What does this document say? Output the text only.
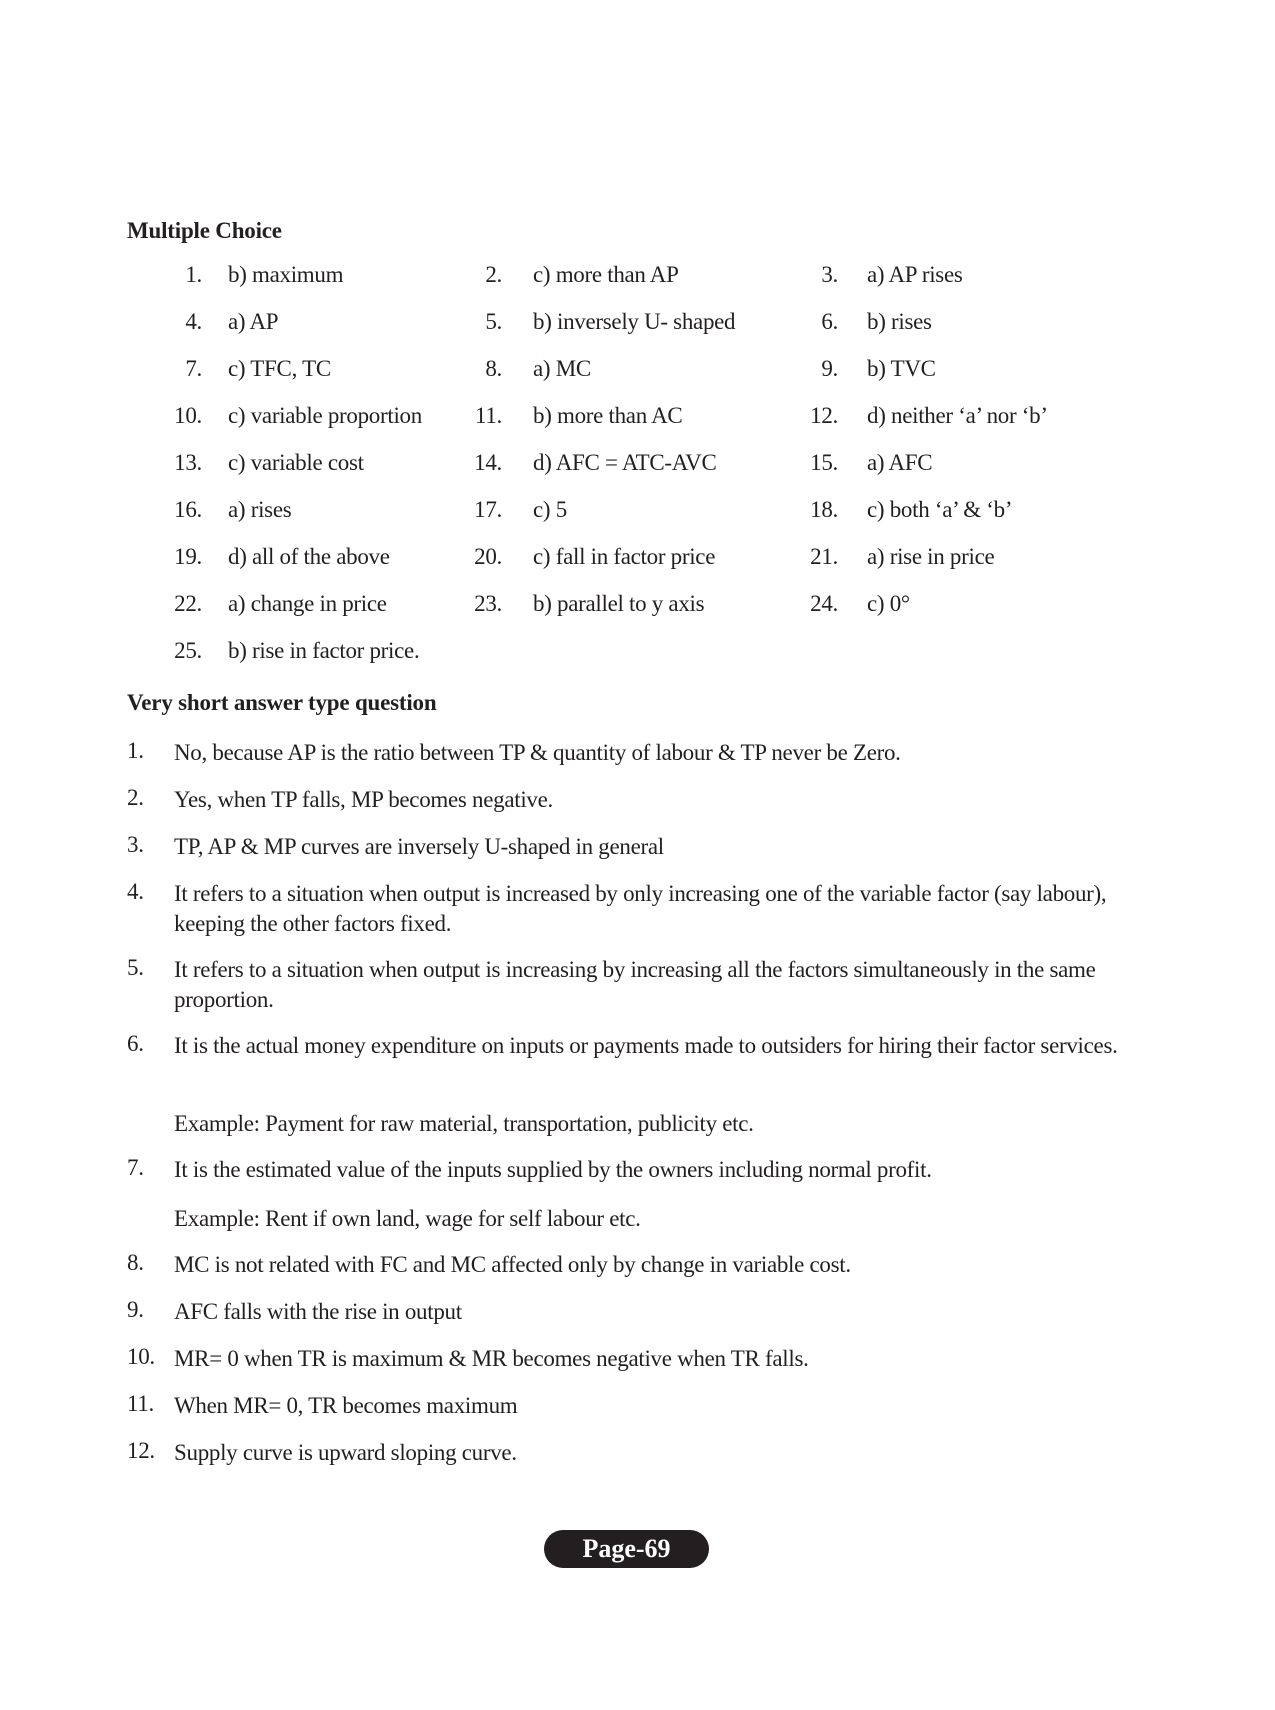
Multiple Choice
1. b) maximum	2. c) more than AP	3. a) AP rises
4. a) AP	5. b) inversely U- shaped	6. b) rises
7. c) TFC, TC	8. a) MC	9. b) TVC
10. c) variable proportion	11. b) more than AC	12. d) neither ‘a’ nor ‘b’
13. c) variable cost	14. d) AFC = ATC-AVC	15. a) AFC
16. a) rises	17. c) 5	18. c) both ‘a’ & ‘b’
19. d) all of the above	20. c) fall in factor price	21. a) rise in price
22. a) change in price	23. b) parallel to y axis	24. c) 0°
25. b) rise in factor price.
Very short answer type question
1.	No, because AP is the ratio between TP & quantity of labour & TP never be Zero.
2.	Yes, when TP falls, MP becomes negative.
3.	TP, AP & MP curves are inversely U-shaped in general
4.	It refers to a situation when output is increased by only increasing one of the variable factor (say labour), keeping the other factors fixed.
5.	It refers to a situation when output is increasing by increasing all the factors simultaneously in the same proportion.
6.	It is the actual money expenditure on inputs or payments made to outsiders for hiring their factor services.
Example: Payment for raw material, transportation, publicity etc.
7.	It is the estimated value of the inputs supplied by the owners including normal profit.
Example: Rent if own land, wage for self labour etc.
8.	MC is not related with FC and MC affected only by change in variable cost.
9.	AFC falls with the rise in output
10. MR= 0 when TR is maximum & MR becomes negative when TR falls.
11. When MR= 0, TR becomes maximum
12. Supply curve is upward sloping curve.
Page-69
